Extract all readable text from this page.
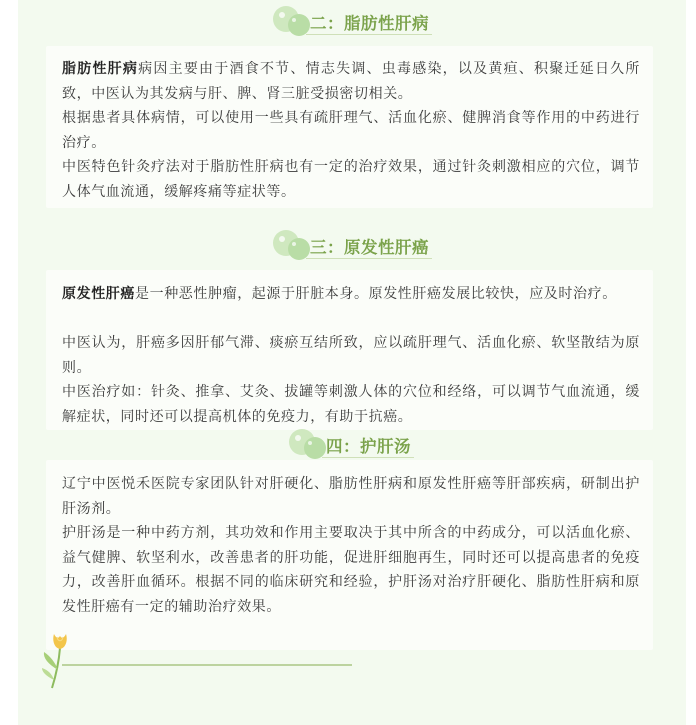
二：脂肪性肝病
脂肪性肝病病因主要由于酒食不节、情志失调、虫毒感染，以及黄疸、积聚迁延日久所致，中医认为其发病与肝、脾、肾三脏受损密切相关。
根据患者具体病情，可以使用一些具有疏肝理气、活血化瘀、健脾消食等作用的中药进行治疗。
中医特色针灸疗法对于脂肪性肝病也有一定的治疗效果，通过针灸刺激相应的穴位，调节人体气血流通，缓解疼痛等症状等。
三：原发性肝癌
原发性肝癌是一种恶性肿瘤，起源于肝脏本身。原发性肝癌发展比较快，应及时治疗。
中医认为，肝癌多因肝郁气滞、痰瘀互结所致，应以疏肝理气、活血化瘀、软坚散结为原则。
中医治疗如：针灸、推拿、艾灸、拔罐等刺激人体的穴位和经络，可以调节气血流通，缓解症状，同时还可以提高机体的免疫力，有助于抗癌。
四：护肝汤
辽宁中医悦禾医院专家团队针对肝硬化、脂肪性肝病和原发性肝癌等肝部疾病，研制出护肝汤剂。
护肝汤是一种中药方剂，其功效和作用主要取决于其中所含的中药成分，可以活血化瘀、益气健脾、软坚利水，改善患者的肝功能，促进肝细胞再生，同时还可以提高患者的免疫力，改善肝血循环。根据不同的临床研究和经验，护肝汤对治疗肝硬化、脂肪性肝病和原发性肝癌有一定的辅助治疗效果。
